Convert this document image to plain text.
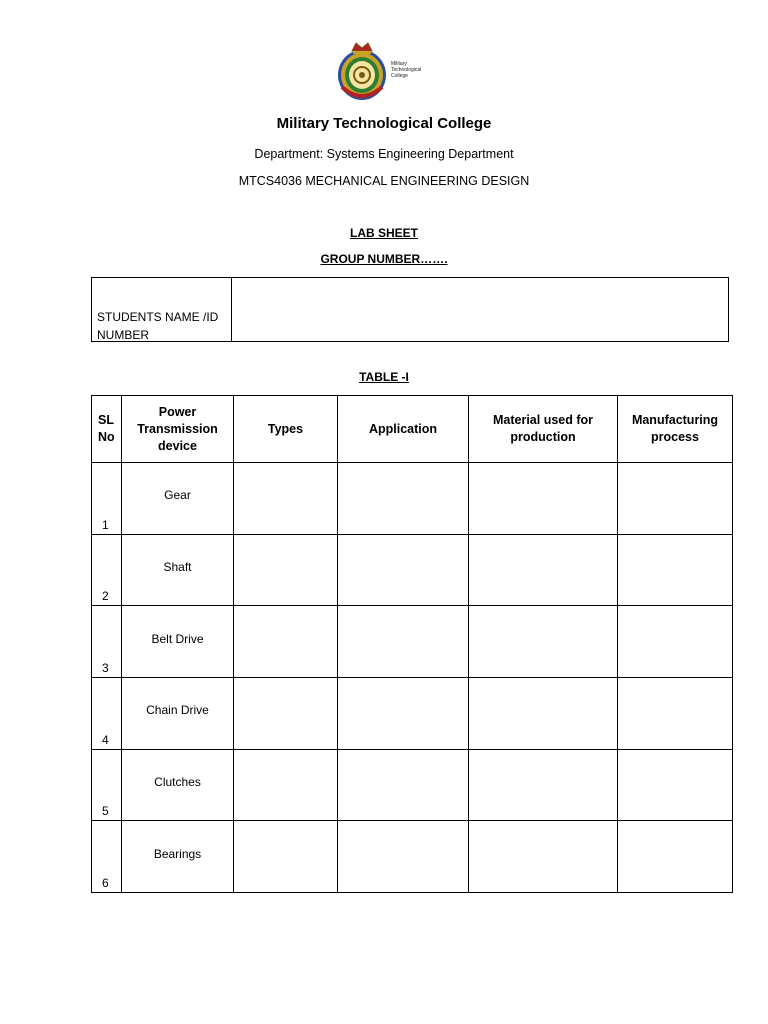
Military Technological College
Military Technological College
Department: Systems Engineering Department
MTCS4036 MECHANICAL ENGINEERING DESIGN
LAB SHEET
GROUP NUMBER…….
STUDENTS NAME /ID NUMBER
TABLE -I
SL No	Power Transmission device	Types	Application	Material used for production	Manufacturing process
1	Gear				
2	Shaft				
3	Belt Drive				
4	Chain Drive				
5	Clutches				
6	Bearings				
